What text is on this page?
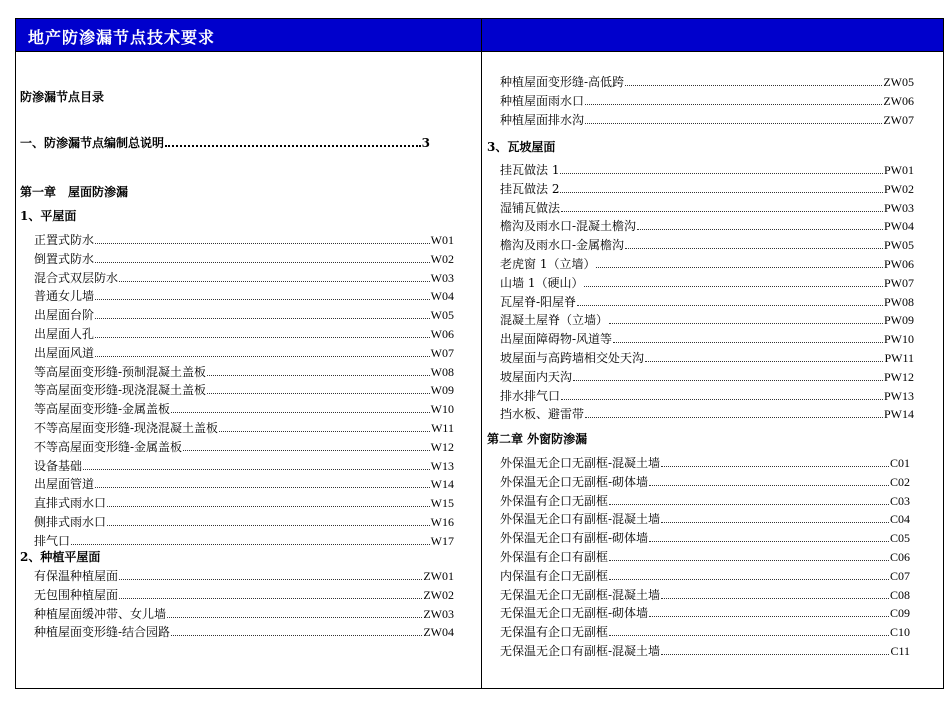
地产防渗漏节点技术要求
防渗漏节点目录
一、防渗漏节点编制总说明	3
第一章　屋面防渗漏
1、平屋面
正置式防水	W01
倒置式防水	W02
混合式双层防水	W03
普通女儿墙	W04
出屋面台阶	W05
出屋面人孔	W06
出屋面风道	W07
等高屋面变形缝-预制混凝土盖板	W08
等高屋面变形缝-现浇混凝土盖板	W09
等高屋面变形缝-金属盖板	W10
不等高屋面变形缝-现浇混凝土盖板	W11
不等高屋面变形缝-金属盖板	W12
设备基础	W13
出屋面管道	W14
直排式雨水口	W15
侧排式雨水口	W16
排气口	W17
2、种植平屋面
有保温种植屋面	ZW01
无包围种植屋面	ZW02
种植屋面缓冲带、女儿墙	ZW03
种植屋面变形缝-结合园路	ZW04
种植屋面变形缝-高低跨	ZW05
种植屋面雨水口	ZW06
种植屋面排水沟	ZW07
3、瓦坡屋面
挂瓦做法 1	PW01
挂瓦做法 2	PW02
湿铺瓦做法	PW03
檐沟及雨水口-混凝土檐沟	PW04
檐沟及雨水口-金属檐沟	PW05
老虎窗 1（立墙）	PW06
山墙 1（硬山）	PW07
瓦屋脊-阳屋脊	PW08
混凝土屋脊（立墙）	PW09
出屋面障碍物-风道等	PW10
坡屋面与高跨墙相交处天沟	PW11
坡屋面内天沟	PW12
排水排气口	PW13
挡水板、避雷带	PW14
第二章 外窗防渗漏
外保温无企口无副框-混凝土墙	C01
外保温无企口无副框-砌体墙	C02
外保温有企口无副框	C03
外保温无企口有副框-混凝土墙	C04
外保温无企口有副框-砌体墙	C05
外保温有企口有副框	C06
内保温有企口无副框	C07
无保温无企口无副框-混凝土墙	C08
无保温无企口无副框-砌体墙	C09
无保温有企口无副框	C10
无保温无企口有副框-混凝土墙	C11
